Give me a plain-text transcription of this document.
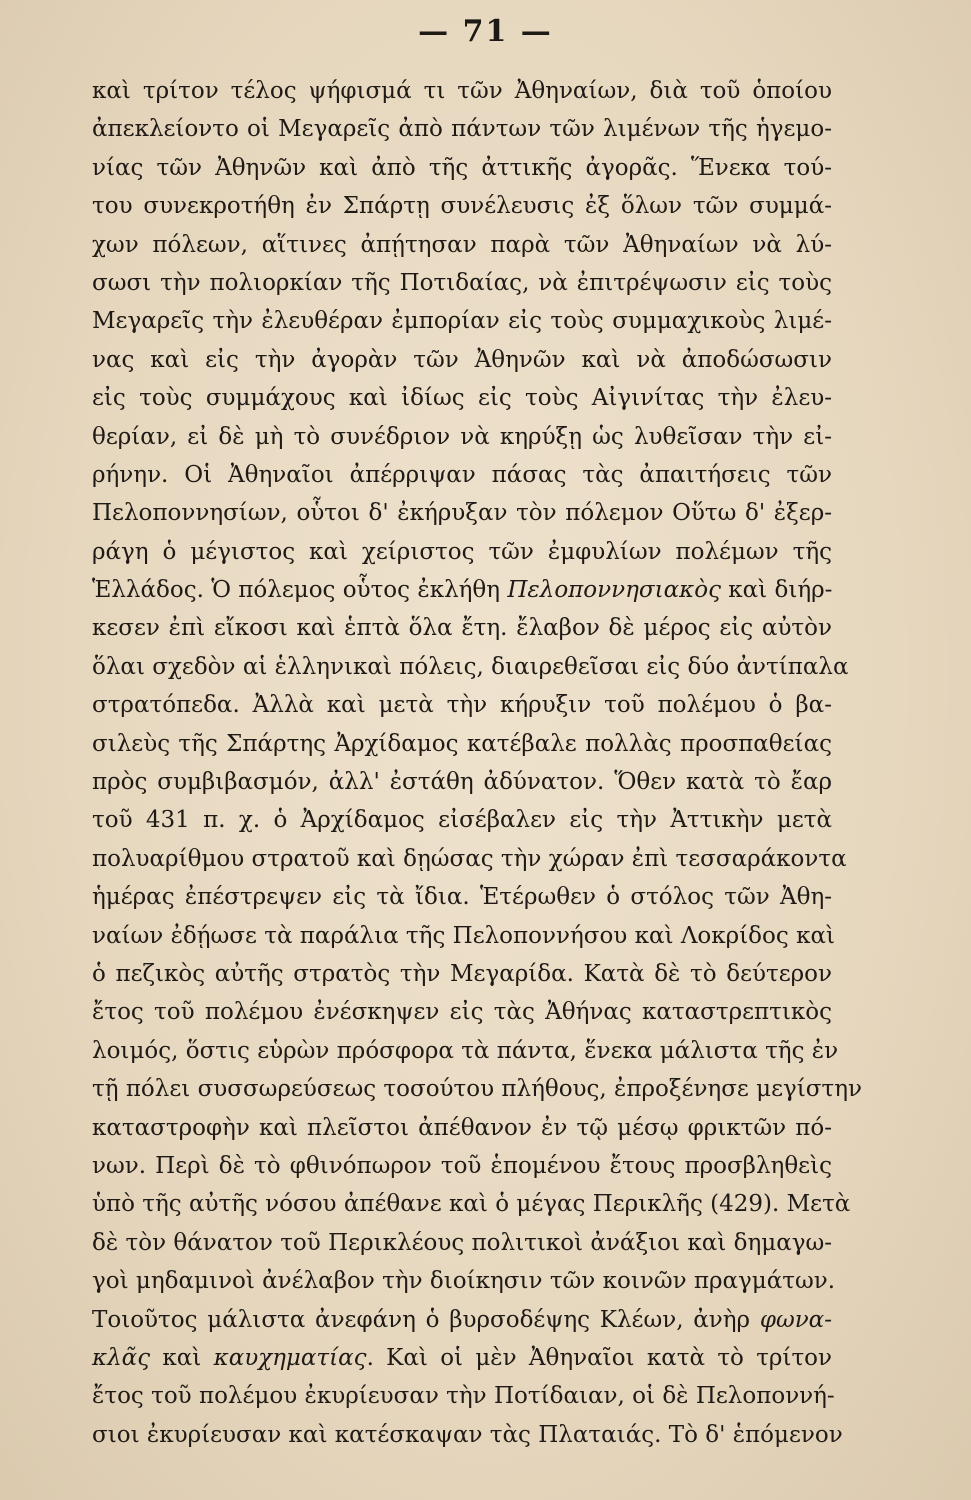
— 71 —
καὶ τρίτον τέλος ψήφισμά τι τῶν Ἀθηναίων, διὰ τοῦ ὁποίου
ἀπεκλείοντο οἱ Μεγαρεῖς ἀπὸ πάντων τῶν λιμένων τῆς ἡγεμο-
νίας τῶν Ἀθηνῶν καὶ ἀπὸ τῆς ἀττικῆς ἀγορᾶς. Ἕνεκα τού-
του συνεκροτήθη ἐν Σπάρτῃ συνέλευσις ἐξ ὅλων τῶν συμμά-
χων πόλεων, αἵτινες ἀπῄτησαν παρὰ τῶν Ἀθηναίων νὰ λύ-
σωσι τὴν πολιορκίαν τῆς Ποτιδαίας, νὰ ἐπιτρέψωσιν εἰς τοὺς
Μεγαρεῖς τὴν ἐλευθέραν ἐμπορίαν εἰς τοὺς συμμαχικοὺς λιμέ-
νας καὶ εἰς τὴν ἀγορὰν τῶν Ἀθηνῶν καὶ νὰ ἀποδώσωσιν
εἰς τοὺς συμμάχους καὶ ἰδίως εἰς τοὺς Αἰγινίτας τὴν ἐλευ-
θερίαν, εἰ δὲ μὴ τὸ συνέδριον νὰ κηρύξῃ ὡς λυθεῖσαν τὴν εἰ-
ρήνην. Οἱ Ἀθηναῖοι ἀπέρριψαν πάσας τὰς ἀπαιτήσεις τῶν
Πελοποννησίων, οὗτοι δ' ἐκήρυξαν τὸν πόλεμον Οὕτω δ' ἐξερ-
ράγη ὁ μέγιστος καὶ χείριστος τῶν ἐμφυλίων πολέμων τῆς
Ἑλλάδος. Ὁ πόλεμος οὗτος ἐκλήθη Πελοποννησιακὸς καὶ διήρ-
κεσεν ἐπὶ εἴκοσι καὶ ἑπτὰ ὅλα ἔτη. ἔλαβον δὲ μέρος εἰς αὐτὸν
ὅλαι σχεδὸν αἱ ἑλληνικαὶ πόλεις, διαιρεθεῖσαι εἰς δύο ἀντίπαλα
στρατόπεδα. Ἀλλὰ καὶ μετὰ τὴν κήρυξιν τοῦ πολέμου ὁ βα-
σιλεὺς τῆς Σπάρτης Ἀρχίδαμος κατέβαλε πολλὰς προσπαθείας
πρὸς συμβιβασμόν, ἀλλ' ἐστάθη ἀδύνατον. Ὅθεν κατὰ τὸ ἔαρ
τοῦ 431 π. χ. ὁ Ἀρχίδαμος εἰσέβαλεν εἰς τὴν Ἀττικὴν μετὰ
πολυαρίθμου στρατοῦ καὶ δῃώσας τὴν χώραν ἐπὶ τεσσαράκοντα
ἡμέρας ἐπέστρεψεν εἰς τὰ ἴδια. Ἑτέρωθεν ὁ στόλος τῶν Ἀθη-
ναίων ἐδῄωσε τὰ παράλια τῆς Πελοποννήσου καὶ Λοκρίδος καὶ
ὁ πεζικὸς αὐτῆς στρατὸς τὴν Μεγαρίδα. Κατὰ δὲ τὸ δεύτερον
ἔτος τοῦ πολέμου ἐνέσκηψεν εἰς τὰς Ἀθήνας καταστρεπτικὸς
λοιμός, ὅστις εὑρὼν πρόσφορα τὰ πάντα, ἕνεκα μάλιστα τῆς ἐν
τῇ πόλει συσσωρεύσεως τοσούτου πλήθους, ἐπροξένησε μεγίστην
καταστροφὴν καὶ πλεῖστοι ἀπέθανον ἐν τῷ μέσῳ φρικτῶν πό-
νων. Περὶ δὲ τὸ φθινόπωρον τοῦ ἑπομένου ἔτους προσβληθεὶς
ὑπὸ τῆς αὐτῆς νόσου ἀπέθανε καὶ ὁ μέγας Περικλῆς (429). Μετὰ
δὲ τὸν θάνατον τοῦ Περικλέους πολιτικοὶ ἀνάξιοι καὶ δημαγω-
γοὶ μηδαμινοὶ ἀνέλαβον τὴν διοίκησιν τῶν κοινῶν πραγμάτων.
Τοιοῦτος μάλιστα ἀνεφάνη ὁ βυρσοδέψης Κλέων, ἀνὴρ φωνα-
κλᾶς καὶ καυχηματίας. Καὶ οἱ μὲν Ἀθηναῖοι κατὰ τὸ τρίτον
ἔτος τοῦ πολέμου ἐκυρίευσαν τὴν Ποτίδαιαν, οἱ δὲ Πελοποννή-
σιοι ἐκυρίευσαν καὶ κατέσκαψαν τὰς Πλαταιάς. Τὸ δ' ἑπόμενον
